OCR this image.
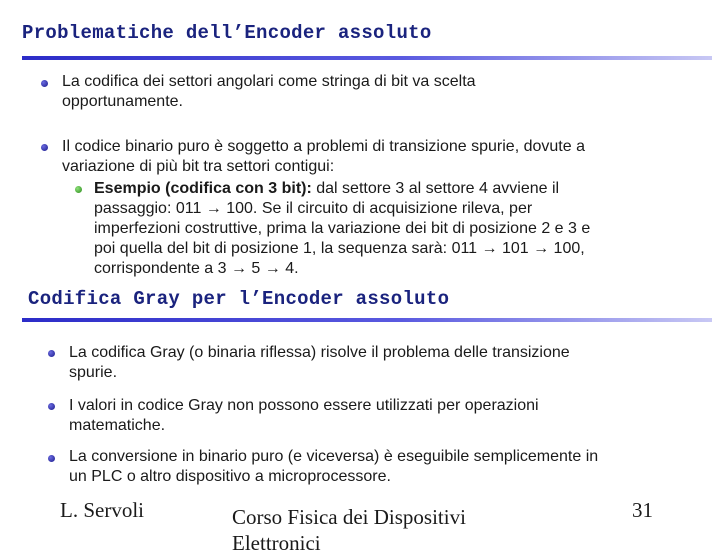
Problematiche dell’Encoder assoluto
La codifica dei settori angolari come stringa di bit va scelta
opportunamente.
Il codice binario puro è soggetto a problemi di transizione spurie, dovute a
variazione di più bit tra settori contigui:
Esempio (codifica con 3 bit): dal settore 3 al settore 4 avviene il
passaggio: 011 → 100. Se il circuito di acquisizione rileva, per
imperfezioni costruttive, prima la variazione dei bit di posizione 2 e 3 e
poi quella del bit di posizione 1, la sequenza sarà: 011 → 101 → 100,
corrispondente a 3 → 5 → 4.
Codifica Gray per l’Encoder assoluto
La codifica Gray (o binaria riflessa) risolve il problema delle transizione
spurie.
I valori in codice Gray non possono essere utilizzati per operazioni
matematiche.
La conversione in binario puro (e viceversa) è eseguibile semplicemente in
un PLC o altro dispositivo a microprocessore.
L. Servoli	Corso Fisica dei Dispositivi
Elettronici
31
